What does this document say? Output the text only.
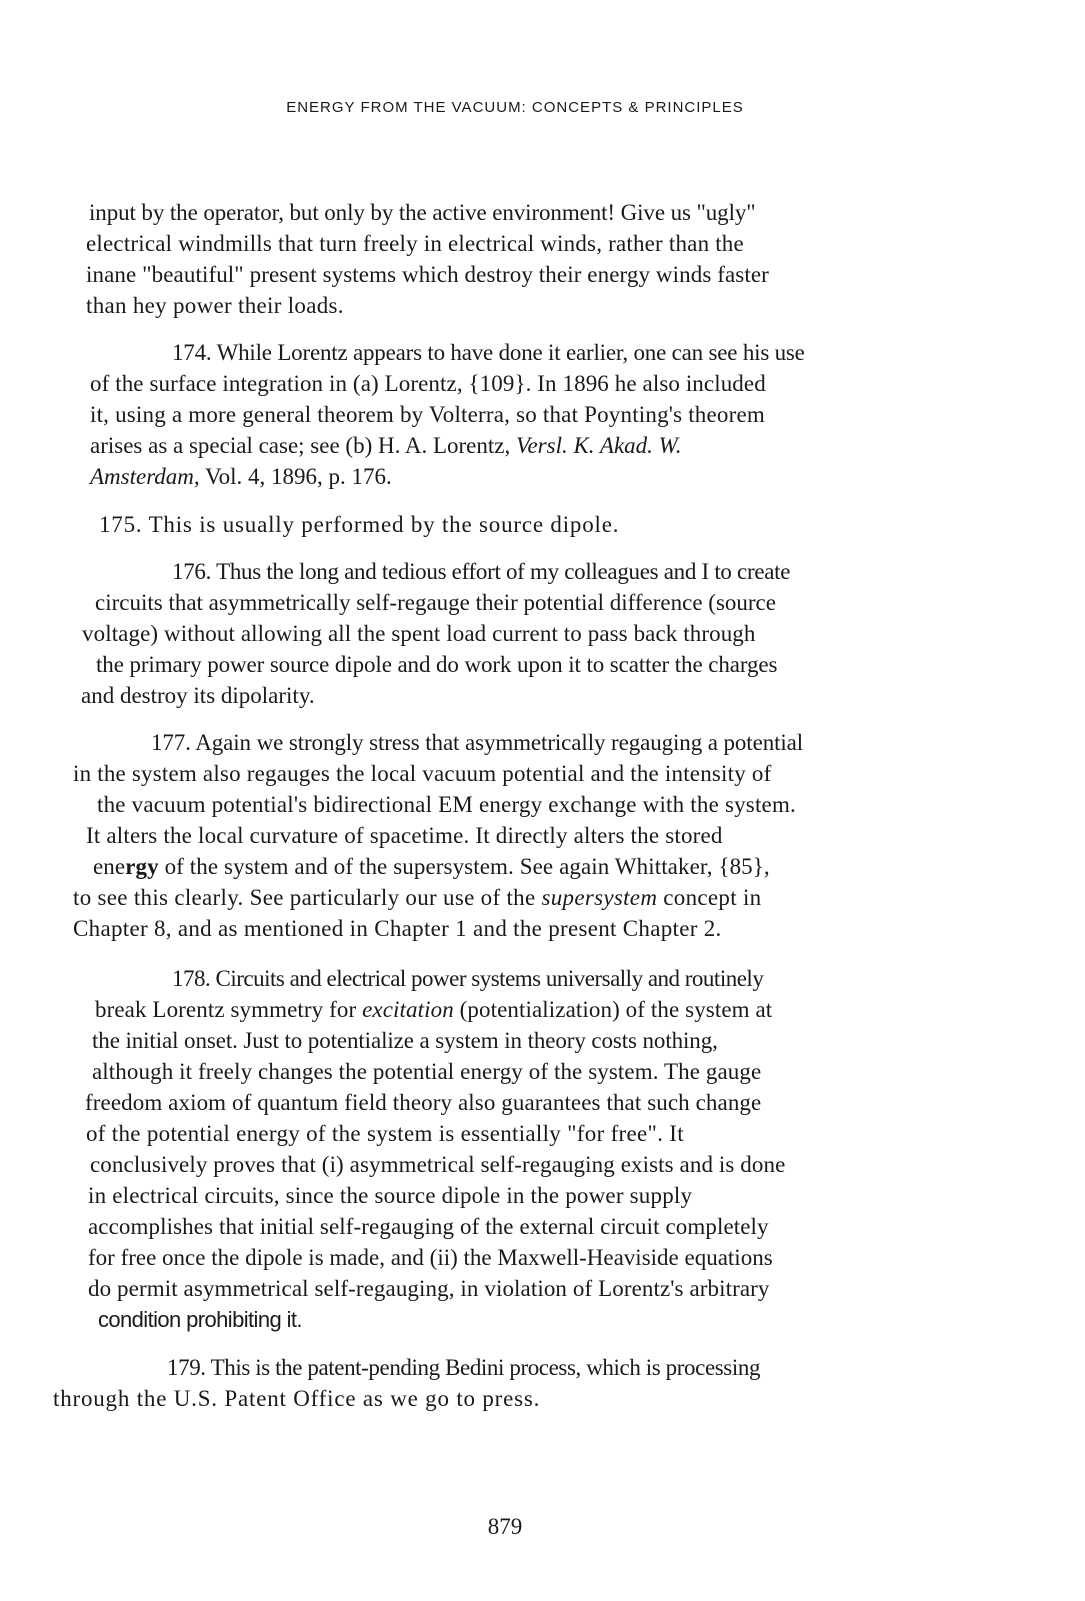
ENERGY FROM THE VACUUM: CONCEPTS & PRINCIPLES
input by the operator, but only by the active environment! Give us "ugly"
electrical windmills that turn freely in electrical winds, rather than the
inane "beautiful" present systems which destroy their energy winds faster
than hey power their loads.
174. While Lorentz appears to have done it earlier, one can see his use
of the surface integration in (a) Lorentz, {109}. In 1896 he also included
it, using a more general theorem by Volterra, so that Poynting's theorem
arises as a special case; see (b) H. A. Lorentz, Versl. K. Akad. W.
Amsterdam, Vol. 4, 1896, p. 176.
175. This is usually performed by the source dipole.
176. Thus the long and tedious effort of my colleagues and I to create
circuits that asymmetrically self-regauge their potential difference (source
voltage) without allowing all the spent load current to pass back through
the primary power source dipole and do work upon it to scatter the charges
and destroy its dipolarity.
177. Again we strongly stress that asymmetrically regauging a potential
in the system also regauges the local vacuum potential and the intensity of
the vacuum potential's bidirectional EM energy exchange with the system.
It alters the local curvature of spacetime. It directly alters the stored
energy of the system and of the supersystem. See again Whittaker, {85},
to see this clearly. See particularly our use of the supersystem concept in
Chapter 8, and as mentioned in Chapter 1 and the present Chapter 2.
178. Circuits and electrical power systems universally and routinely
break Lorentz symmetry for excitation (potentialization) of the system at
the initial onset. Just to potentialize a system in theory costs nothing,
although it freely changes the potential energy of the system. The gauge
freedom axiom of quantum field theory also guarantees that such change
of the potential energy of the system is essentially "for free". It
conclusively proves that (i) asymmetrical self-regauging exists and is done
in electrical circuits, since the source dipole in the power supply
accomplishes that initial self-regauging of the external circuit completely
for free once the dipole is made, and (ii) the Maxwell-Heaviside equations
do permit asymmetrical self-regauging, in violation of Lorentz's arbitrary
condition prohibiting it.
179. This is the patent-pending Bedini process, which is processing
through the U.S. Patent Office as we go to press.
879
